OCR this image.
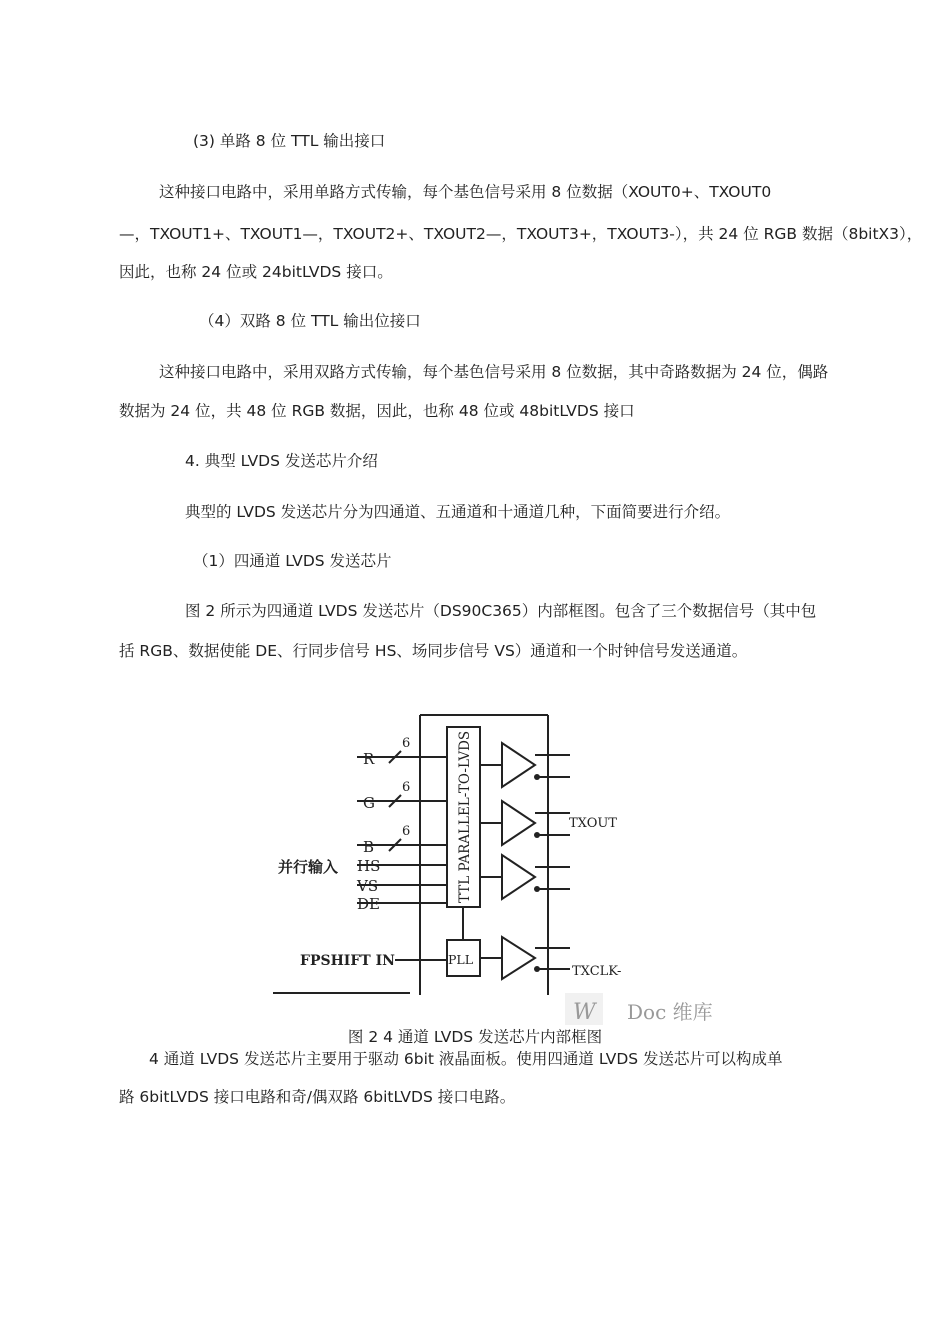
(3) 单路 8 位 TTL 输出接口
这种接口电路中，采用单路方式传输，每个基色信号采用 8 位数据（XOUT0+、TXOUT0
—，TXOUT1+、TXOUT1—，TXOUT2+、TXOUT2—，TXOUT3+，TXOUT3-），共 24 位 RGB 数据（8bitX3），
因此，也称 24 位或 24bitLVDS 接口。
（4）双路 8 位 TTL 输出位接口
这种接口电路中，采用双路方式传输，每个基色信号采用 8 位数据，其中奇路数据为 24 位，偶路
数据为 24 位，共 48 位 RGB 数据，因此，也称 48 位或 48bitLVDS 接口
4. 典型 LVDS 发送芯片介绍
典型的 LVDS 发送芯片分为四通道、五通道和十通道几种，下面简要进行介绍。
（1）四通道 LVDS 发送芯片
图 2 所示为四通道 LVDS 发送芯片（DS90C365）内部框图。包含了三个数据信号（其中包
括 RGB、数据使能 DE、行同步信号 HS、场同步信号 VS）通道和一个时钟信号发送通道。
R
G
B
HS
VS
DE
6
6
6
并行输入
FPSHIFT IN
TTL PARALLEL-TO-LVDS
PLL
TXOUT
TXCLK-
W Doc 维库
图 2 4 通道 LVDS 发送芯片内部框图
4 通道 LVDS 发送芯片主要用于驱动 6bit 液晶面板。使用四通道 LVDS 发送芯片可以构成单
路 6bitLVDS 接口电路和奇/偶双路 6bitLVDS 接口电路。
